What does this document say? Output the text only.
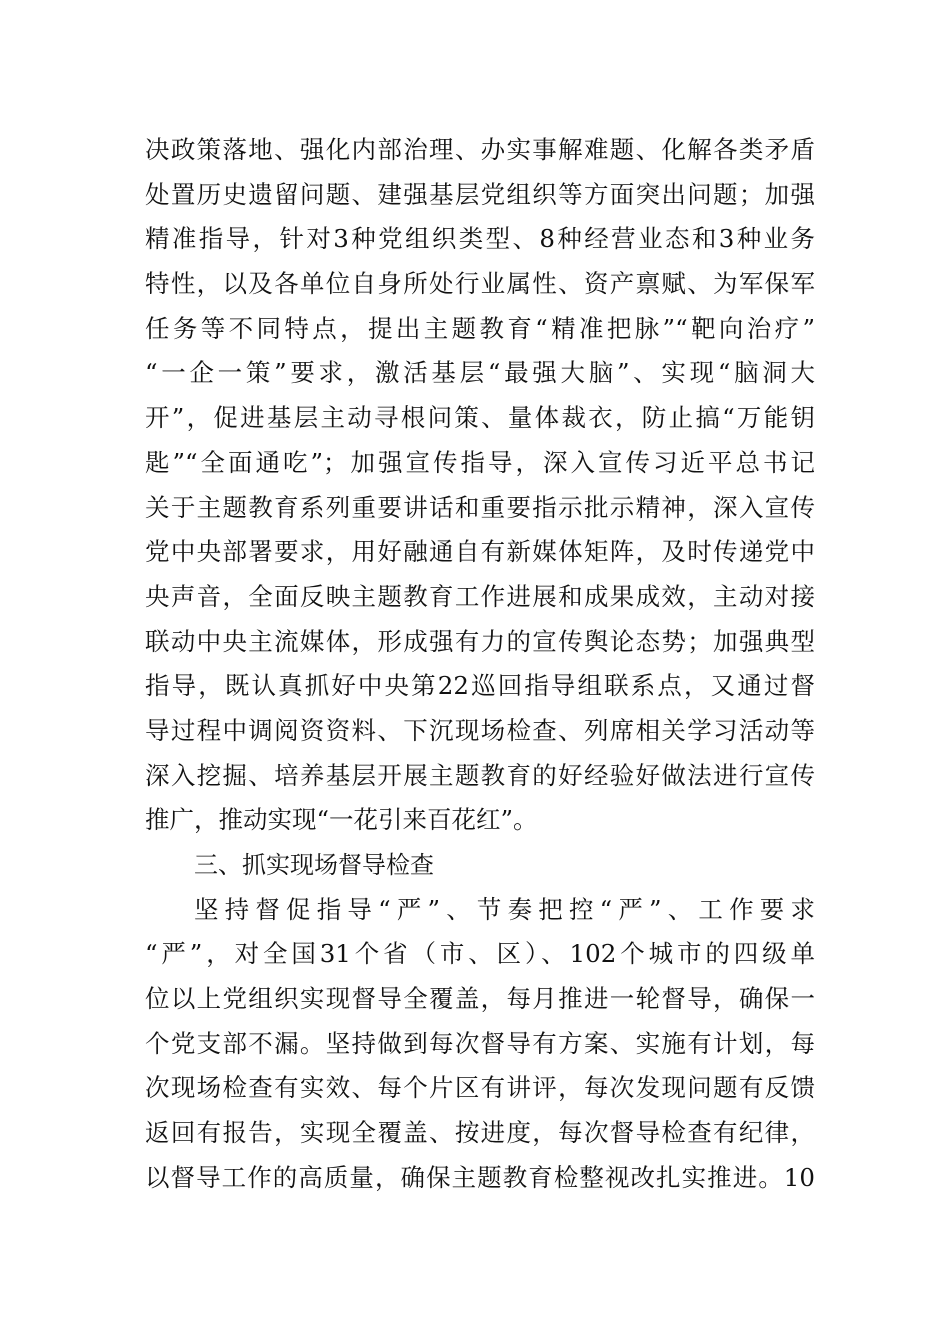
决政策落地、强化内部治理、办实事解难题、化解各类矛盾
处置历史遗留问题、建强基层党组织等方面突出问题；加强
精准指导，针对3种党组织类型、8种经营业态和3种业务
特性，以及各单位自身所处行业属性、资产禀赋、为军保军
任务等不同特点，提出主题教育“精准把脉”“靶向治疗”
“一企一策”要求，激活基层“最强大脑”、实现“脑洞大
开”，促进基层主动寻根问策、量体裁衣，防止搞“万能钥
匙”“全面通吃”；加强宣传指导，深入宣传习近平总书记
关于主题教育系列重要讲话和重要指示批示精神，深入宣传
党中央部署要求，用好融通自有新媒体矩阵，及时传递党中
央声音，全面反映主题教育工作进展和成果成效，主动对接
联动中央主流媒体，形成强有力的宣传舆论态势；加强典型
指导，既认真抓好中央第22巡回指导组联系点，又通过督
导过程中调阅资资料、下沉现场检查、列席相关学习活动等
深入挖掘、培养基层开展主题教育的好经验好做法进行宣传
推广，推动实现“一花引来百花红”。
三、抓实现场督导检查
坚持督促指导“严”、节奏把控“严”、工作要求
“严”，对全国31个省（市、区）、102个城市的四级单
位以上党组织实现督导全覆盖，每月推进一轮督导，确保一
个党支部不漏。坚持做到每次督导有方案、实施有计划，每
次现场检查有实效、每个片区有讲评，每次发现问题有反馈
返回有报告，实现全覆盖、按进度，每次督导检查有纪律，
以督导工作的高质量，确保主题教育检整视改扎实推进。10
